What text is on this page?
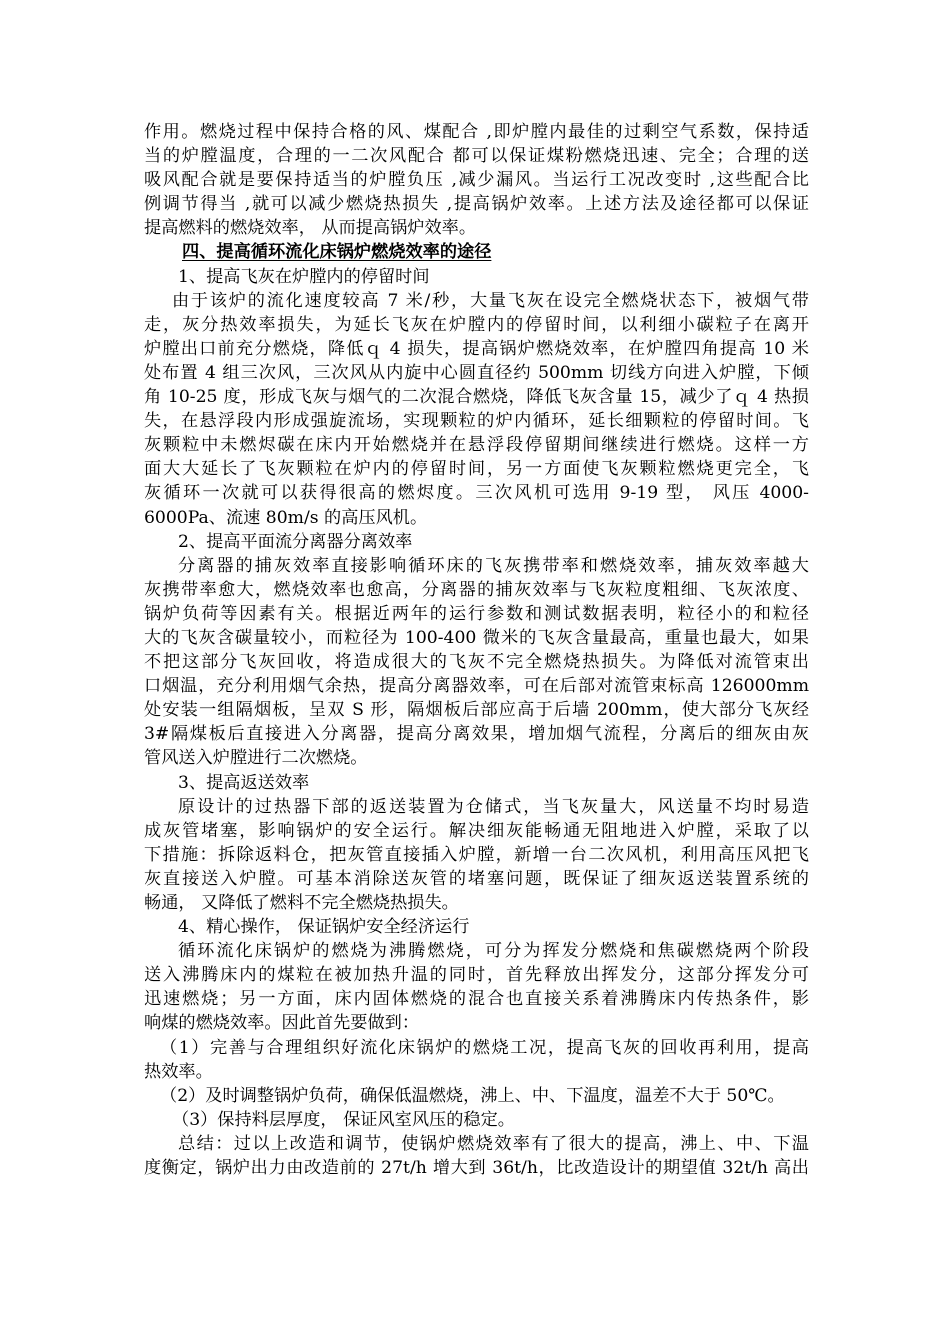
作用。燃烧过程中保持合格的风、煤配合 ,即炉膛内最佳的过剩空气系数，保持适
当的炉膛温度，合理的一二次风配合 都可以保证煤粉燃烧迅速、完全；合理的送
吸风配合就是要保持适当的炉膛负压 ,减少漏风。当运行工况改变时 ,这些配合比
例调节得当 ,就可以减少燃烧热损失 ,提高锅炉效率。上述方法及途径都可以保证
提高燃料的燃烧效率， 从而提高锅炉效率。
四、提高循环流化床锅炉燃烧效率的途径
1、提高飞灰在炉膛内的停留时间
由于该炉的流化速度较高 7 米/秒，大量飞灰在设完全燃烧状态下，被烟气带
走，灰分热效率损失，为延长飞灰在炉膛内的停留时间，以利细小碳粒子在离开
炉膛出口前充分燃烧，降低ｑ 4 损失，提高锅炉燃烧效率，在炉膛四角提高 10 米
处布置 4 组三次风，三次风从内旋中心圆直径约 500mm 切线方向进入炉膛，下倾
角 10-25 度，形成飞灰与烟气的二次混合燃烧，降低飞灰含量 15，减少了ｑ 4 热损
失，在悬浮段内形成强旋流场，实现颗粒的炉内循环，延长细颗粒的停留时间。飞
灰颗粒中未燃烬碳在床内开始燃烧并在悬浮段停留期间继续进行燃烧。这样一方
面大大延长了飞灰颗粒在炉内的停留时间，另一方面使飞灰颗粒燃烧更完全，飞
灰循环一次就可以获得很高的燃烬度。三次风机可选用 9-19 型， 风压 4000-
6000Pa、流速 80m/s 的高压风机。
2、提高平面流分离器分离效率
分离器的捕灰效率直接影响循环床的飞灰携带率和燃烧效率，捕灰效率越大
灰携带率愈大，燃烧效率也愈高，分离器的捕灰效率与飞灰粒度粗细、飞灰浓度、
锅炉负荷等因素有关。根据近两年的运行参数和测试数据表明，粒径小的和粒径
大的飞灰含碳量较小，而粒径为 100-400 微米的飞灰含量最高，重量也最大，如果
不把这部分飞灰回收，将造成很大的飞灰不完全燃烧热损失。为降低对流管束出
口烟温，充分利用烟气余热，提高分离器效率，可在后部对流管束标高 126000mm
处安装一组隔烟板，呈双 S 形，隔烟板后部应高于后墙 200mm，使大部分飞灰经
3#隔煤板后直接进入分离器，提高分离效果，增加烟气流程，分离后的细灰由灰
管风送入炉膛进行二次燃烧。
3、提高返送效率
原设计的过热器下部的返送装置为仓储式，当飞灰量大，风送量不均时易造
成灰管堵塞，影响锅炉的安全运行。解决细灰能畅通无阻地进入炉膛，采取了以
下措施：拆除返料仓，把灰管直接插入炉膛，新增一台二次风机，利用高压风把飞
灰直接送入炉膛。可基本消除送灰管的堵塞问题，既保证了细灰返送装置系统的
畅通， 又降低了燃料不完全燃烧热损失。
4、精心操作， 保证锅炉安全经济运行
循环流化床锅炉的燃烧为沸腾燃烧，可分为挥发分燃烧和焦碳燃烧两个阶段
送入沸腾床内的煤粒在被加热升温的同时，首先释放出挥发分，这部分挥发分可
迅速燃烧；另一方面，床内固体燃烧的混合也直接关系着沸腾床内传热条件，影
响煤的燃烧效率。因此首先要做到：
（1）完善与合理组织好流化床锅炉的燃烧工况，提高飞灰的回收再利用，提高
热效率。
（2）及时调整锅炉负荷，确保低温燃烧，沸上、中、下温度，温差不大于 50℃。
（3）保持料层厚度， 保证风室风压的稳定。
总结：过以上改造和调节，使锅炉燃烧效率有了很大的提高，沸上、中、下温
度衡定，锅炉出力由改造前的 27t/h 增大到 36t/h，比改造设计的期望值 32t/h 高出
